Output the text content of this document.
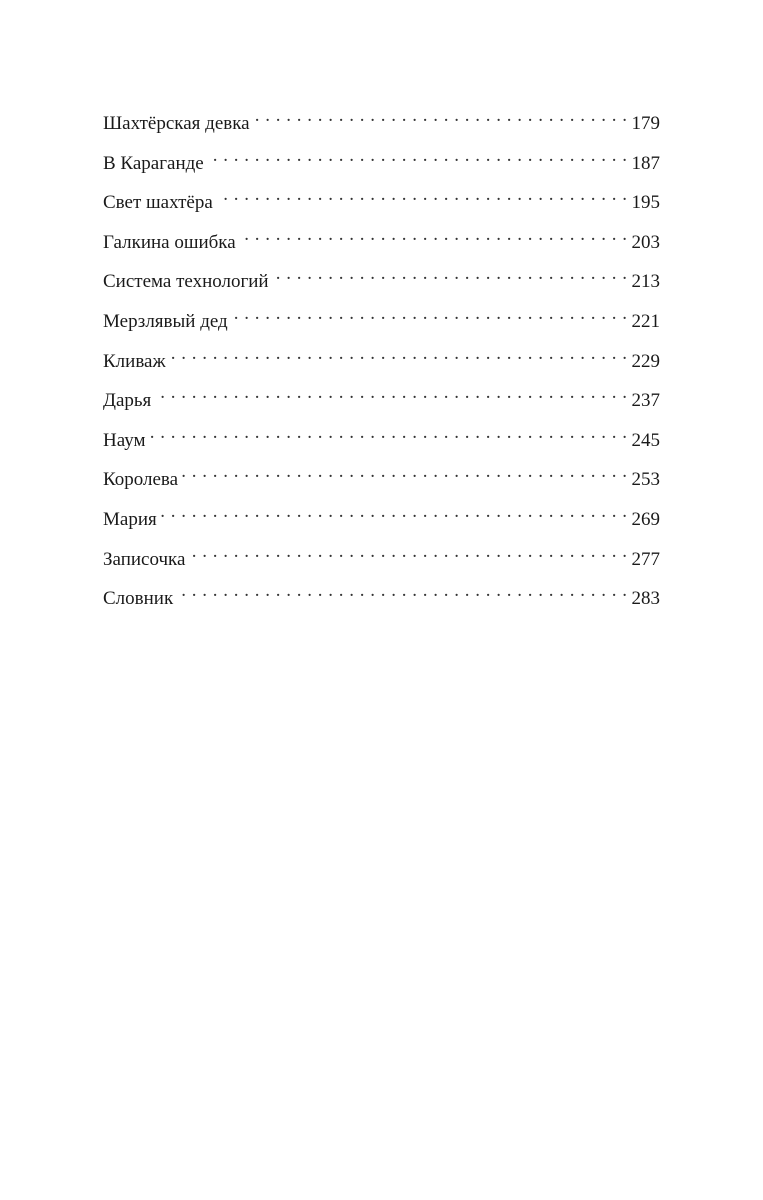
Шахтёрская девка . . .	179
В Караганде . . .	187
Свет шахтёра . . .	195
Галкина ошибка . . .	203
Система технологий . . .	213
Мерзлявый дед . . .	221
Кливаж . . .	229
Дарья . . .	237
Наум . . .	245
Королева . . .	253
Мария . . .	269
Записочка . . .	277
Словник . . .	283
